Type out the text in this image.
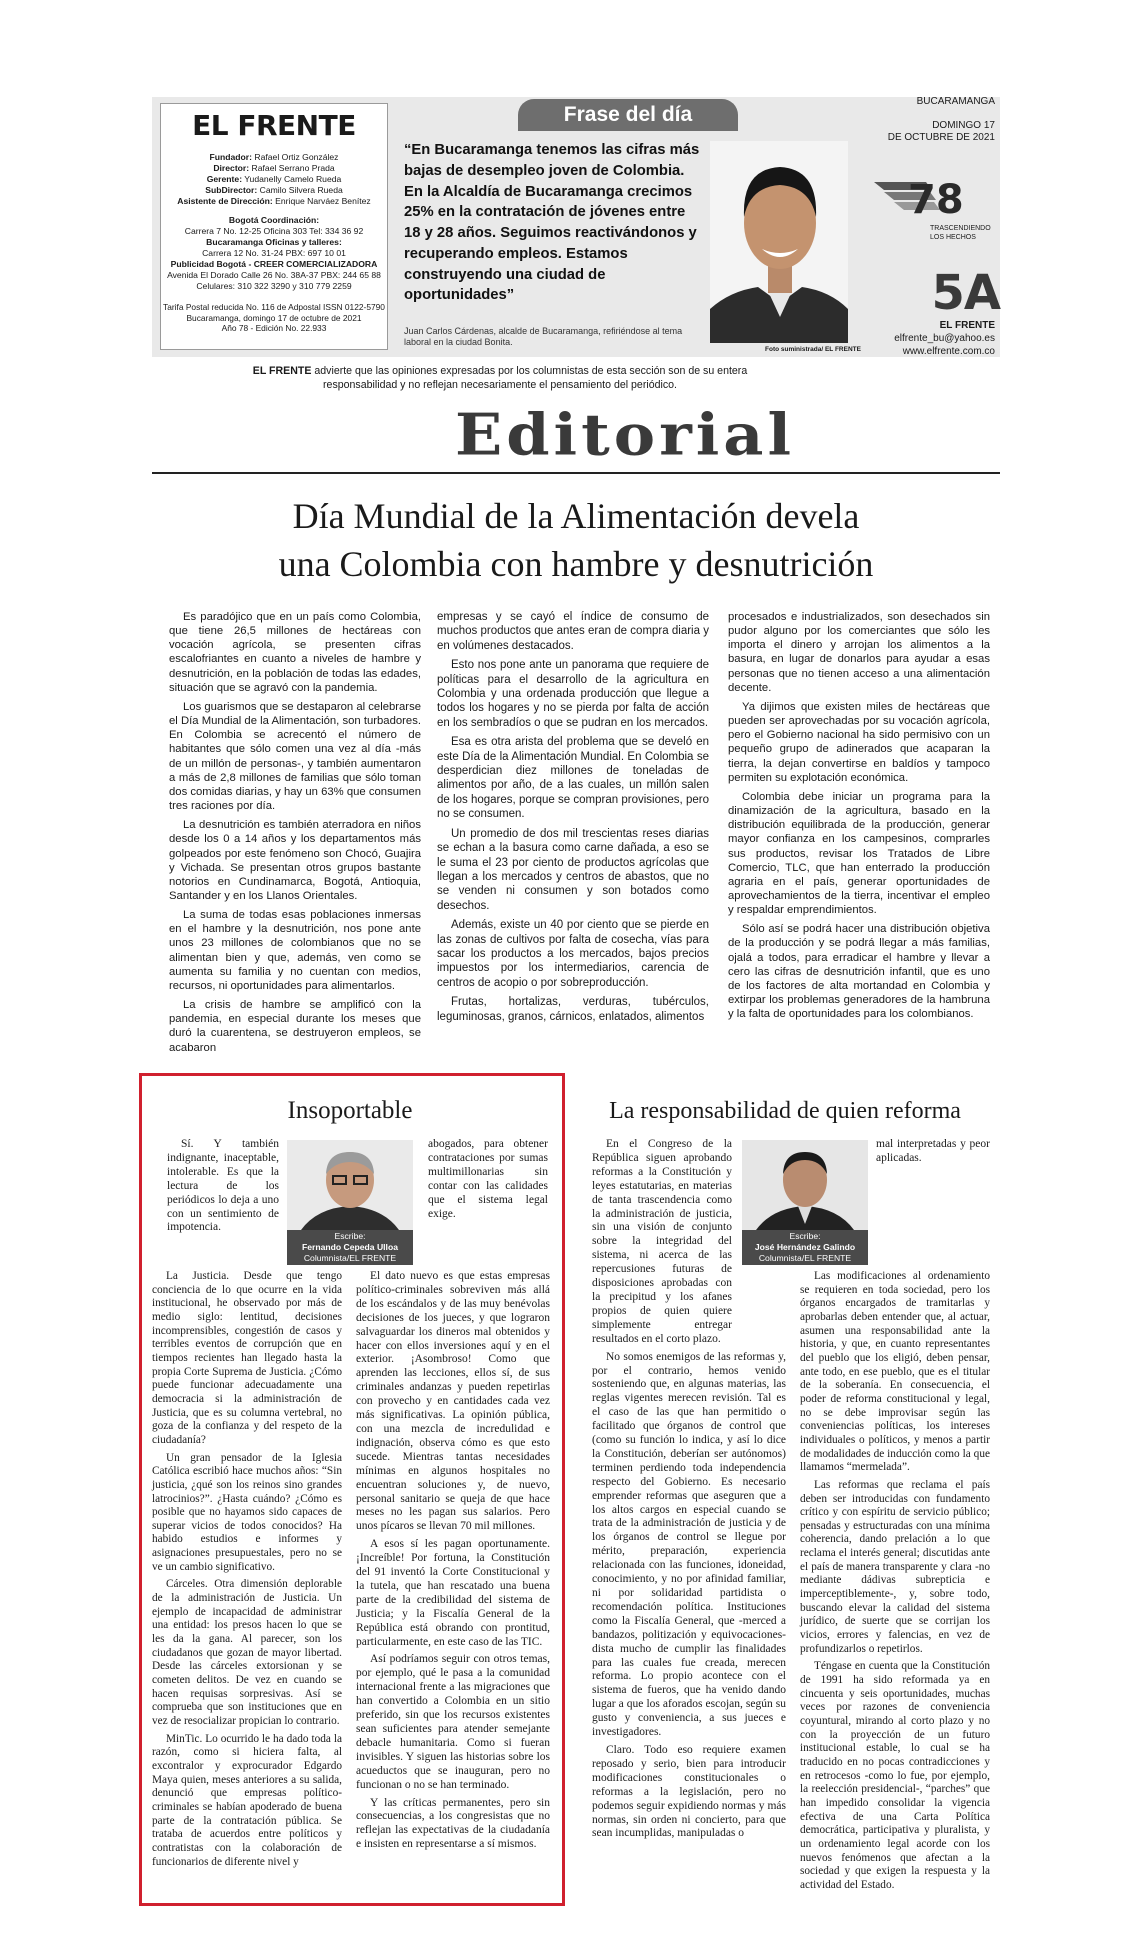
EL FRENTE

Fundador: Rafael Ortiz González

Director: Rafael Serrano Prada

Gerente: Yudanelly Camelo Rueda

SubDirector: Camilo Silvera Rueda

Asistente de Dirección: Enrique Narváez Benítez

Bogotá Coordinación:

Carrera 7 No. 12-25 Oficina 303 Tel: 334 36 92

Bucaramanga Oficinas y talleres:

Carrera 12 No. 31-24 PBX: 697 10 01

Publicidad Bogotá - CREER COMERCIALIZADORA

Avenida El Dorado Calle 26 No. 38A-37 PBX: 244 65 88

Celulares: 310 322 3290 y 310 779 2259

Tarifa Postal reducida No. 116 de Adpostal ISSN 0122-5790

Bucaramanga, domingo 17 de octubre de 2021

Año 78 - Edición No. 22.933

Frase del día
“En Bucaramanga tenemos las cifras más bajas de desempleo joven de Colombia. En la Alcaldía de Bucaramanga crecimos 25% en la contratación de jóvenes entre 18 y 28 años. Seguimos reactivándonos y recuperando empleos. Estamos construyendo una ciudad de oportunidades”
Juan Carlos Cárdenas, alcalde de Bucaramanga, refiriéndose al tema laboral en la ciudad Bonita.
Foto suministrada/ EL FRENTE
BUCARAMANGA
DOMINGO 17
DE OCTUBRE DE 2021
78
TRASCENDIENDO
LOS HECHOS
5A
EL FRENTE
elfrente_bu@yahoo.es
www.elfrente.com.co
EL FRENTE advierte que las opiniones expresadas por los columnistas de esta sección son de su entera responsabilidad y no reflejan necesariamente el pensamiento del periódico.
Editorial
Día Mundial de la Alimentación devela
una Colombia con hambre y desnutrición

Es paradójico que en un país como Colombia, que tiene 26,5 millones de hectáreas con vocación agrícola, se presenten cifras escalofriantes en cuanto a niveles de hambre y desnutrición, en la población de todas las edades, situación que se agravó con la pandemia.

Los guarismos que se destaparon al celebrarse el Día Mundial de la Alimentación, son turbadores. En Colombia se acrecentó el número de habitantes que sólo comen una vez al día -más de un millón de personas-, y también aumentaron a más de 2,8 millones de familias que sólo toman dos comidas diarias, y hay un 63% que consumen tres raciones por día.

La desnutrición es también aterradora en niños desde los 0 a 14 años y los departamentos más golpeados por este fenómeno son Chocó, Guajira y Vichada. Se presentan otros grupos bastante notorios en Cundinamarca, Bogotá, Antioquia, Santander y en los Llanos Orientales.

La suma de todas esas poblaciones inmersas en el hambre y la desnutrición, nos pone ante unos 23 millones de colombianos que no se alimentan bien y que, además, ven como se aumenta su familia y no cuentan con medios, recursos, ni oportunidades para alimentarlos.

La crisis de hambre se amplificó con la pandemia, en especial durante los meses que duró la cuarentena, se destruyeron empleos, se acabaron

empresas y se cayó el índice de consumo de muchos productos que antes eran de compra diaria y en volúmenes destacados.

Esto nos pone ante un panorama que requiere de políticas para el desarrollo de la agricultura en Colombia y una ordenada producción que llegue a todos los hogares y no se pierda por falta de acción en los sembradíos o que se pudran en los mercados.

Esa es otra arista del problema que se develó en este Día de la Alimentación Mundial. En Colombia se desperdician diez millones de toneladas de alimentos por año, de a las cuales, un millón salen de los hogares, porque se compran provisiones, pero no se consumen.

Un promedio de dos mil trescientas reses diarias se echan a la basura como carne dañada, a eso se le suma el 23 por ciento de productos agrícolas que llegan a los mercados y centros de abastos, que no se venden ni consumen y son botados como desechos.

Además, existe un 40 por ciento que se pierde en las zonas de cultivos por falta de cosecha, vías para sacar los productos a los mercados, bajos precios impuestos por los intermediarios, carencia de centros de acopio o por sobreproducción.

Frutas, hortalizas, verduras, tubérculos, leguminosas, granos, cárnicos, enlatados, alimentos

procesados e industrializados, son desechados sin pudor alguno por los comerciantes que sólo les importa el dinero y arrojan los alimentos a la basura, en lugar de donarlos para ayudar a esas personas que no tienen acceso a una alimentación decente.

Ya dijimos que existen miles de hectáreas que pueden ser aprovechadas por su vocación agrícola, pero el Gobierno nacional ha sido permisivo con un pequeño grupo de adinerados que acaparan la tierra, la dejan convertirse en baldíos y tampoco permiten su explotación económica.

Colombia debe iniciar un programa para la dinamización de la agricultura, basado en la distribución equilibrada de la producción, generar mayor confianza en los campesinos, comprarles sus productos, revisar los Tratados de Libre Comercio, TLC, que han enterrado la producción agraria en el país, generar oportunidades de aprovechamientos de la tierra, incentivar el empleo y respaldar emprendimientos.

Sólo así se podrá hacer una distribución objetiva de la producción y se podrá llegar a más familias, ojalá a todos, para erradicar el hambre y llevar a cero las cifras de desnutrición infantil, que es uno de los factores de alta mortandad en Colombia y extirpar los problemas generadores de la hambruna y la falta de oportunidades para los colombianos.

Insoportable
Escribe:
Fernando Cepeda Ulloa
Columnista/EL FRENTE

Sí. Y también indignante, inaceptable, intolerable. Es que la lectura de los periódicos lo deja a uno con un sentimiento de impotencia.

La Justicia. Desde que tengo conciencia de lo que ocurre en la vida institucional, he observado por más de medio siglo: lentitud, decisiones incomprensibles, congestión de casos y terribles eventos de corrupción que en tiempos recientes han llegado hasta la propia Corte Suprema de Justicia. ¿Cómo puede funcionar adecuadamente una democracia si la administración de Justicia, que es su columna vertebral, no goza de la confianza y del respeto de la ciudadanía?

Un gran pensador de la Iglesia Católica escribió hace muchos años: “Sin justicia, ¿qué son los reinos sino grandes latrocinios?”. ¿Hasta cuándo? ¿Cómo es posible que no hayamos sido capaces de superar vicios de todos conocidos? Ha habido estudios e informes y asignaciones presupuestales, pero no se ve un cambio significativo.

Cárceles. Otra dimensión deplorable de la administración de Justicia. Un ejemplo de incapacidad de administrar una entidad: los presos hacen lo que se les da la gana. Al parecer, son los ciudadanos que gozan de mayor libertad. Desde las cárceles extorsionan y se cometen delitos. De vez en cuando se hacen requisas sorpresivas. Así se comprueba que son instituciones que en vez de resocializar propician lo contrario.

MinTic. Lo ocurrido le ha dado toda la razón, como si hiciera falta, al excontralor y exprocurador Edgardo Maya quien, meses anteriores a su salida, denunció que empresas político-criminales se habían apoderado de buena parte de la contratación pública. Se trataba de acuerdos entre políticos y contratistas con la colaboración de funcionarios de diferente nivel y

abogados, para obtener contrataciones por sumas multimillonarias sin contar con las calidades que el sistema legal exige.

El dato nuevo es que estas empresas político-criminales sobreviven más allá de los escándalos y de las muy benévolas decisiones de los jueces, y que lograron salvaguardar los dineros mal obtenidos y hacer con ellos inversiones aquí y en el exterior. ¡Asombroso! Como que aprenden las lecciones, ellos sí, de sus criminales andanzas y pueden repetirlas con provecho y en cantidades cada vez más significativas. La opinión pública, con una mezcla de incredulidad e indignación, observa cómo es que esto sucede. Mientras tantas necesidades mínimas en algunos hospitales no encuentran soluciones y, de nuevo, personal sanitario se queja de que hace meses no les pagan sus salarios. Pero unos pícaros se llevan 70 mil millones.

A esos sí les pagan oportunamente. ¡Increíble! Por fortuna, la Constitución del 91 inventó la Corte Constitucional y la tutela, que han rescatado una buena parte de la credibilidad del sistema de Justicia; y la Fiscalía General de la República está obrando con prontitud, particularmente, en este caso de las TIC.

Así podríamos seguir con otros temas, por ejemplo, qué le pasa a la comunidad internacional frente a las migraciones que han convertido a Colombia en un sitio preferido, sin que los recursos existentes sean suficientes para atender semejante debacle humanitaria. Como si fueran invisibles. Y siguen las historias sobre los acueductos que se inauguran, pero no funcionan o no se han terminado.

Y las críticas permanentes, pero sin consecuencias, a los congresistas que no reflejan las expectativas de la ciudadanía e insisten en representarse a sí mismos.

La responsabilidad de quien reforma
Escribe:
José Hernández Galindo
Columnista/EL FRENTE

En el Congreso de la República siguen aprobando reformas a la Constitución y leyes estatutarias, en materias de tanta trascendencia como la administración de justicia, sin una visión de conjunto sobre la integridad del sistema, ni acerca de las repercusiones futuras de disposiciones aprobadas con la precipitud y los afanes propios de quien quiere simplemente entregar resultados en el corto plazo.

No somos enemigos de las reformas y, por el contrario, hemos venido sosteniendo que, en algunas materias, las reglas vigentes merecen revisión. Tal es el caso de las que han permitido o facilitado que órganos de control que (como su función lo indica, y así lo dice la Constitución, deberían ser autónomos) terminen perdiendo toda independencia respecto del Gobierno. Es necesario emprender reformas que aseguren que a los altos cargos en especial cuando se trata de la administración de justicia y de los órganos de control se llegue por mérito, preparación, experiencia relacionada con las funciones, idoneidad, conocimiento, y no por afinidad familiar, ni por solidaridad partidista o recomendación política. Instituciones como la Fiscalía General, que -merced a bandazos, politización y equivocaciones- dista mucho de cumplir las finalidades para las cuales fue creada, merecen reforma. Lo propio acontece con el sistema de fueros, que ha venido dando lugar a que los aforados escojan, según su gusto y conveniencia, a sus jueces e investigadores.

Claro. Todo eso requiere examen reposado y serio, bien para introducir modificaciones constitucionales o reformas a la legislación, pero no podemos seguir expidiendo normas y más normas, sin orden ni concierto, para que sean incumplidas, manipuladas o

mal interpretadas y peor aplicadas.

Las modificaciones al ordenamiento se requieren en toda sociedad, pero los órganos encargados de tramitarlas y aprobarlas deben entender que, al actuar, asumen una responsabilidad ante la historia, y que, en cuanto representantes del pueblo que los eligió, deben pensar, ante todo, en ese pueblo, que es el titular de la soberanía. En consecuencia, el poder de reforma constitucional y legal, no se debe improvisar según las conveniencias políticas, los intereses individuales o políticos, y menos a partir de modalidades de inducción como la que llamamos “mermelada”.

Las reformas que reclama el país deben ser introducidas con fundamento crítico y con espíritu de servicio público; pensadas y estructuradas con una mínima coherencia, dando prelación a lo que reclama el interés general; discutidas ante el país de manera transparente y clara -no mediante dádivas subrepticia e imperceptiblemente-, y, sobre todo, buscando elevar la calidad del sistema jurídico, de suerte que se corrijan los vicios, errores y falencias, en vez de profundizarlos o repetirlos.

Téngase en cuenta que la Constitución de 1991 ha sido reformada ya en cincuenta y seis oportunidades, muchas veces por razones de conveniencia coyuntural, mirando al corto plazo y no con la proyección de un futuro institucional estable, lo cual se ha traducido en no pocas contradicciones y en retrocesos -como lo fue, por ejemplo, la reelección presidencial-, “parches” que han impedido consolidar la vigencia efectiva de una Carta Política democrática, participativa y pluralista, y un ordenamiento legal acorde con los nuevos fenómenos que afectan a la sociedad y que exigen la respuesta y la actividad del Estado.
